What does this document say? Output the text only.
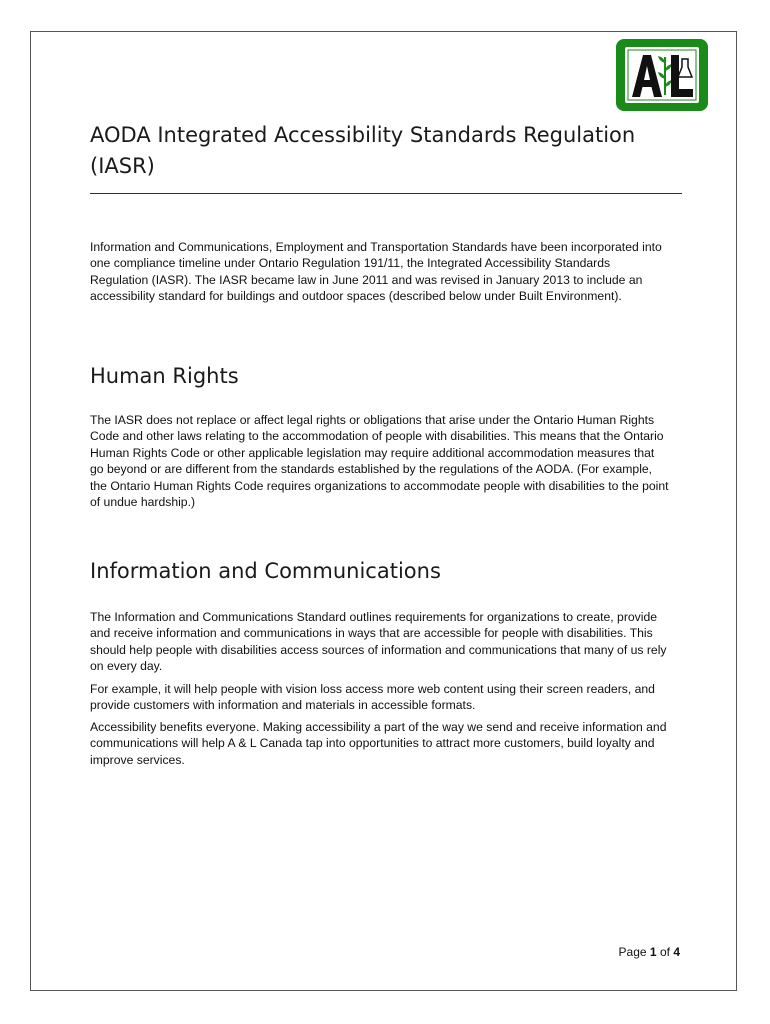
AODA Integrated Accessibility Standards Regulation (IASR)

Information and Communications, Employment and Transportation Standards have been incorporated into one compliance timeline under Ontario Regulation 191/11, the Integrated Accessibility Standards Regulation (IASR). The IASR became law in June 2011 and was revised in January 2013 to include an accessibility standard for buildings and outdoor spaces (described below under Built Environment).

Human Rights

The IASR does not replace or affect legal rights or obligations that arise under the Ontario Human Rights Code and other laws relating to the accommodation of people with disabilities. This means that the Ontario Human Rights Code or other applicable legislation may require additional accommodation measures that go beyond or are different from the standards established by the regulations of the AODA. (For example, the Ontario Human Rights Code requires organizations to accommodate people with disabilities to the point of undue hardship.)

Information and Communications

The Information and Communications Standard outlines requirements for organizations to create, provide and receive information and communications in ways that are accessible for people with disabilities. This should help people with disabilities access sources of information and communications that many of us rely on every day.

For example, it will help people with vision loss access more web content using their screen readers, and provide customers with information and materials in accessible formats.

Accessibility benefits everyone. Making accessibility a part of the way we send and receive information and communications will help A & L Canada tap into opportunities to attract more customers, build loyalty and improve services.

Page 1 of 4
